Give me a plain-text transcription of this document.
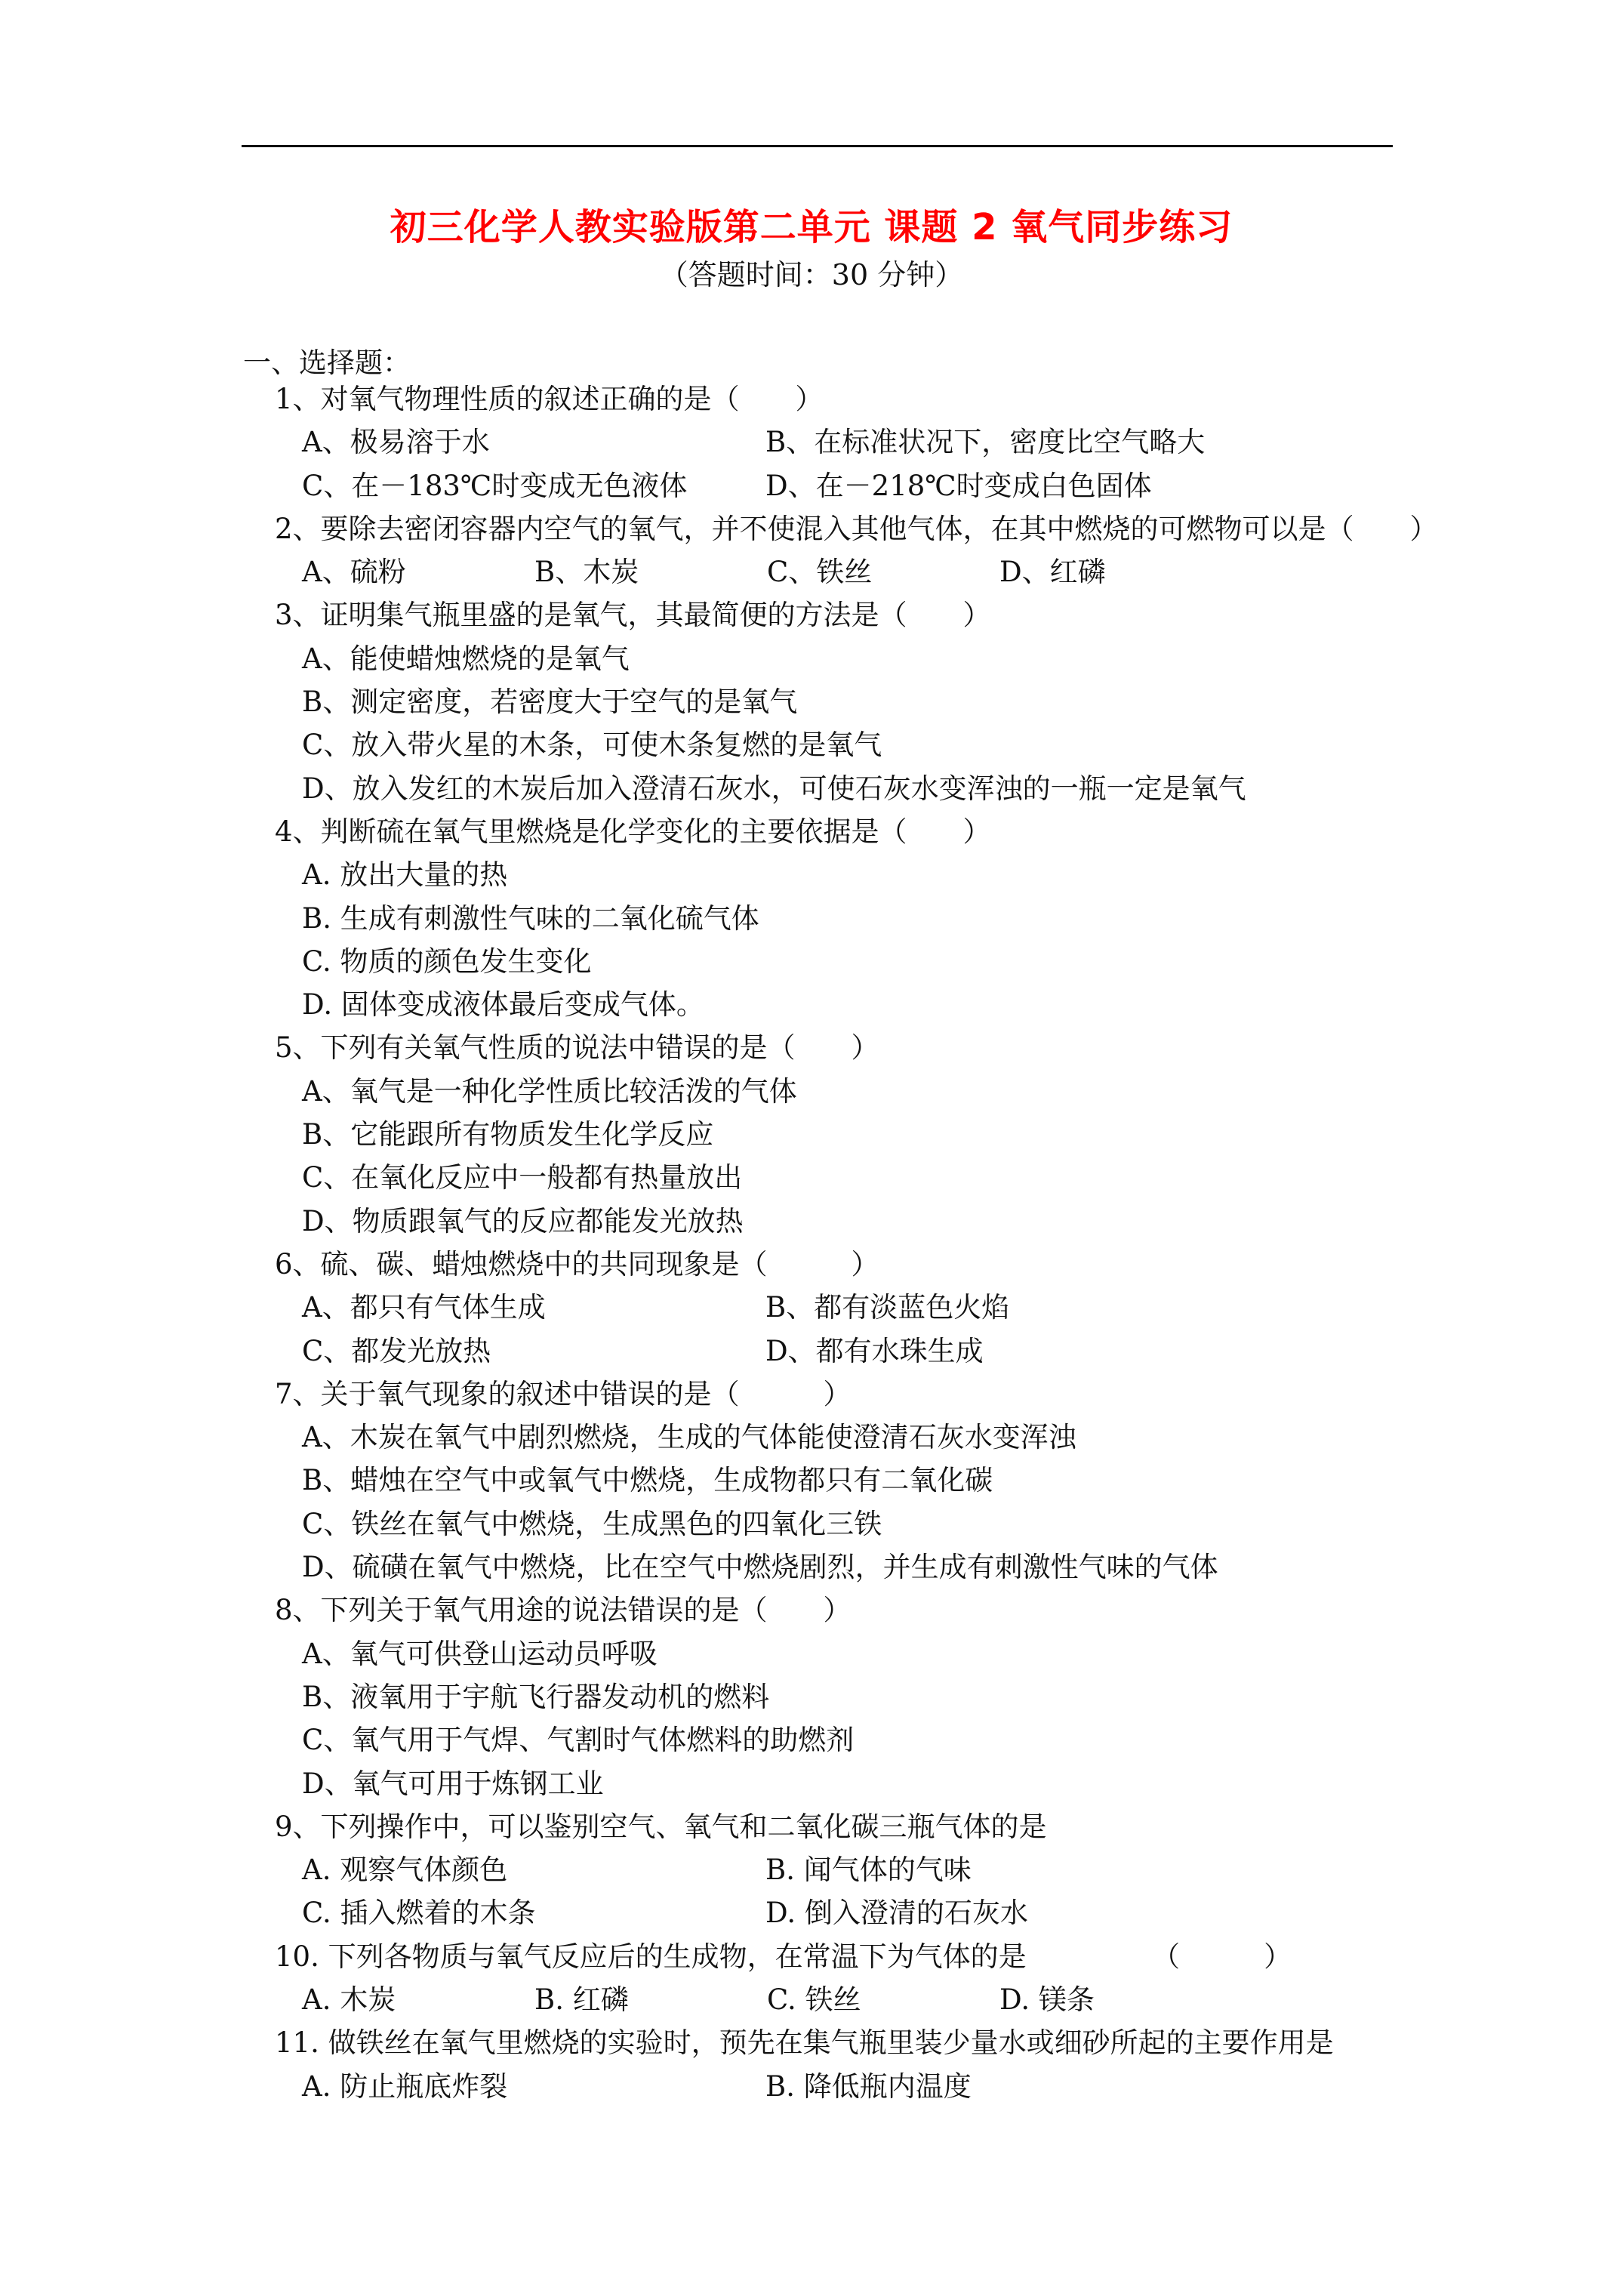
初三化学人教实验版第二单元 课题 2 氧气同步练习
（答题时间：30 分钟）
一、选择题：
1、对氧气物理性质的叙述正确的是（　　）
A、极易溶于水	B、在标准状况下，密度比空气略大
C、在－183℃时变成无色液体	D、在－218℃时变成白色固体
2、要除去密闭容器内空气的氧气，并不使混入其他气体，在其中燃烧的可燃物可以是（　　）
A、硫粉	B、木炭	C、铁丝	D、红磷
3、证明集气瓶里盛的是氧气，其最简便的方法是（　　）
A、能使蜡烛燃烧的是氧气
B、测定密度，若密度大于空气的是氧气
C、放入带火星的木条，可使木条复燃的是氧气
D、放入发红的木炭后加入澄清石灰水，可使石灰水变浑浊的一瓶一定是氧气
4、判断硫在氧气里燃烧是化学变化的主要依据是（　　）
A. 放出大量的热
B. 生成有刺激性气味的二氧化硫气体
C. 物质的颜色发生变化
D. 固体变成液体最后变成气体。
5、下列有关氧气性质的说法中错误的是（　　）
A、氧气是一种化学性质比较活泼的气体
B、它能跟所有物质发生化学反应
C、在氧化反应中一般都有热量放出
D、物质跟氧气的反应都能发光放热
6、硫、碳、蜡烛燃烧中的共同现象是（　　　）
A、都只有气体生成	B、都有淡蓝色火焰
C、都发光放热	D、都有水珠生成
7、关于氧气现象的叙述中错误的是（　　　）
A、木炭在氧气中剧烈燃烧，生成的气体能使澄清石灰水变浑浊
B、蜡烛在空气中或氧气中燃烧，生成物都只有二氧化碳
C、铁丝在氧气中燃烧，生成黑色的四氧化三铁
D、硫磺在氧气中燃烧，比在空气中燃烧剧烈，并生成有刺激性气味的气体
8、下列关于氧气用途的说法错误的是（　　）
A、氧气可供登山运动员呼吸
B、液氧用于宇航飞行器发动机的燃料
C、氧气用于气焊、气割时气体燃料的助燃剂
D、氧气可用于炼钢工业
9、下列操作中，可以鉴别空气、氧气和二氧化碳三瓶气体的是
A. 观察气体颜色	B. 闻气体的气味
C. 插入燃着的木条	D. 倒入澄清的石灰水
10. 下列各物质与氧气反应后的生成物，在常温下为气体的是　　　　　（　　　）
A. 木炭	B. 红磷	C. 铁丝	D. 镁条
11. 做铁丝在氧气里燃烧的实验时，预先在集气瓶里装少量水或细砂所起的主要作用是
A. 防止瓶底炸裂	B. 降低瓶内温度
